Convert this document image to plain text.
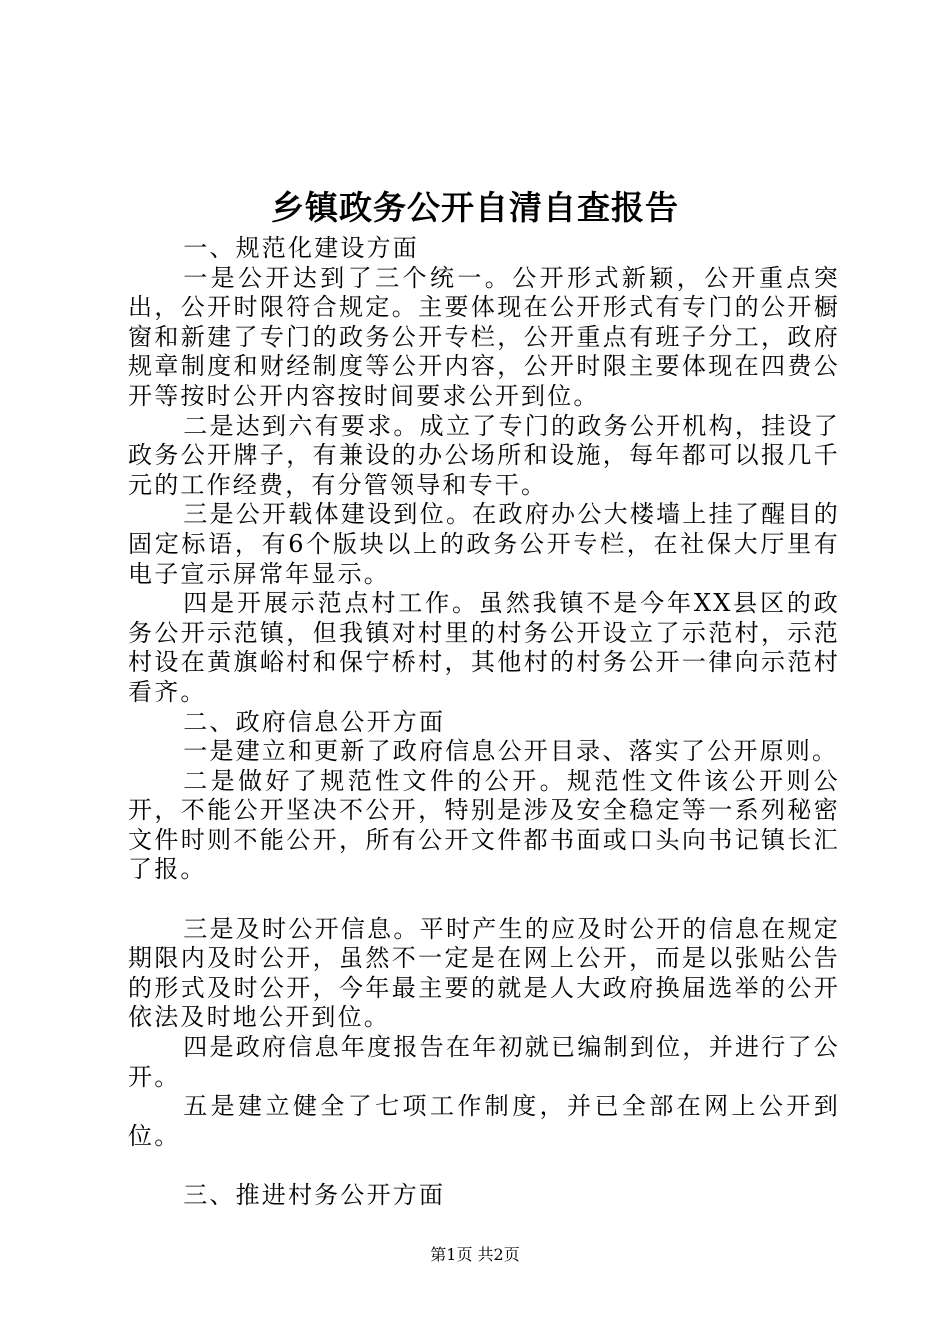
乡镇政务公开自清自查报告

一、规范化建设方面

一是公开达到了三个统一。公开形式新颖，公开重点突出，公开时限符合规定。主要体现在公开形式有专门的公开橱窗和新建了专门的政务公开专栏，公开重点有班子分工，政府规章制度和财经制度等公开内容，公开时限主要体现在四费公开等按时公开内容按时间要求公开到位。

二是达到六有要求。成立了专门的政务公开机构，挂设了政务公开牌子，有兼设的办公场所和设施，每年都可以报几千元的工作经费，有分管领导和专干。

三是公开载体建设到位。在政府办公大楼墙上挂了醒目的固定标语，有6个版块以上的政务公开专栏，在社保大厅里有电子宣示屏常年显示。

四是开展示范点村工作。虽然我镇不是今年XX县区的政务公开示范镇，但我镇对村里的村务公开设立了示范村，示范村设在黄旗峪村和保宁桥村，其他村的村务公开一律向示范村看齐。

二、政府信息公开方面

一是建立和更新了政府信息公开目录、落实了公开原则。

二是做好了规范性文件的公开。规范性文件该公开则公开，不能公开坚决不公开，特别是涉及安全稳定等一系列秘密文件时则不能公开，所有公开文件都书面或口头向书记镇长汇了报。

三是及时公开信息。平时产生的应及时公开的信息在规定期限内及时公开，虽然不一定是在网上公开，而是以张贴公告的形式及时公开，今年最主要的就是人大政府换届选举的公开依法及时地公开到位。

四是政府信息年度报告在年初就已编制到位，并进行了公开。

五是建立健全了七项工作制度，并已全部在网上公开到位。

三、推进村务公开方面

第1页 共2页
